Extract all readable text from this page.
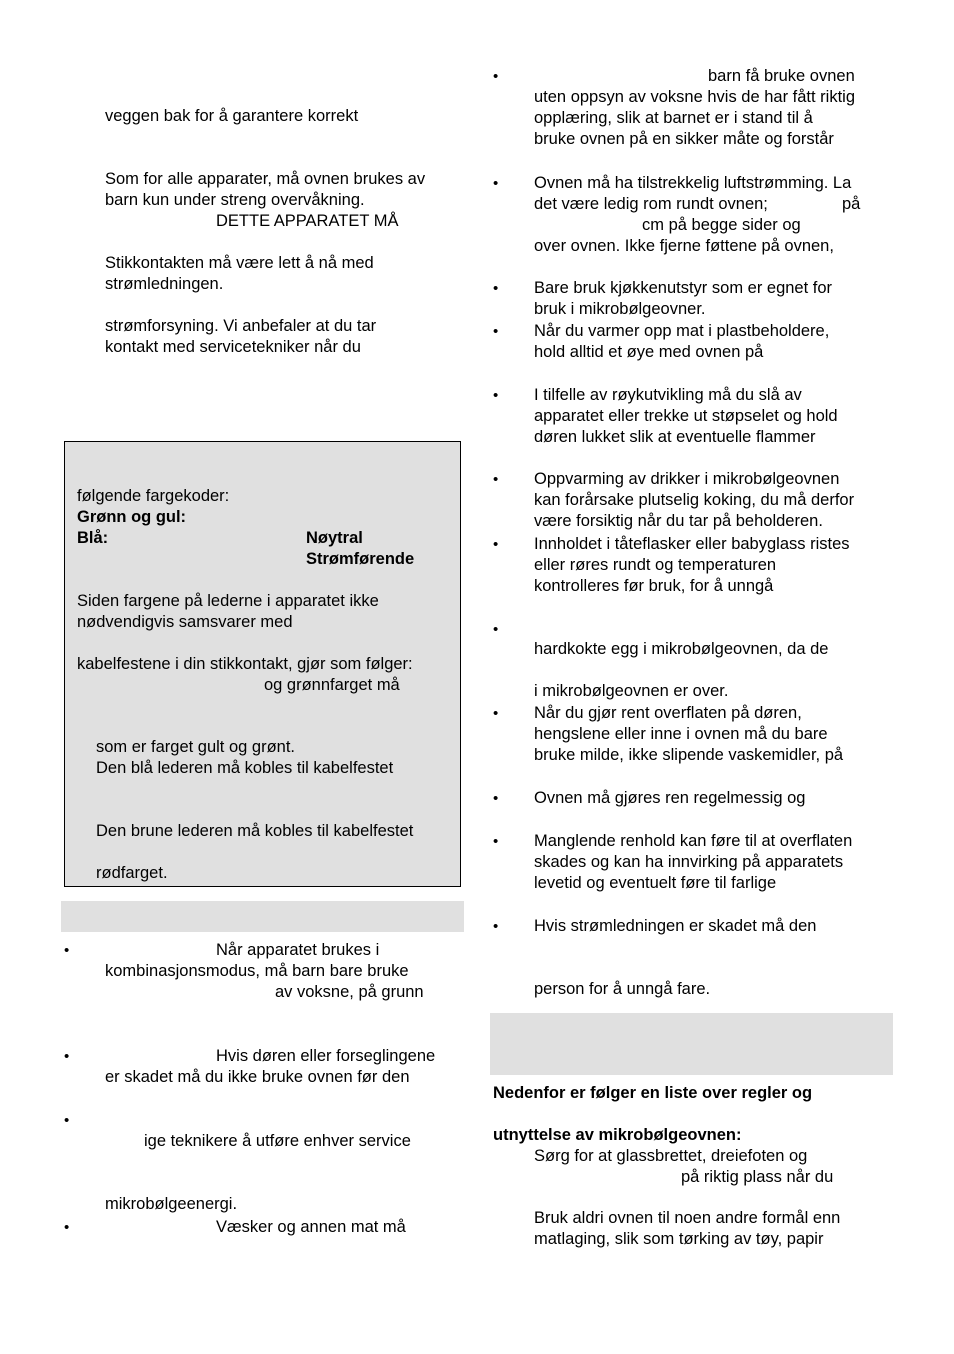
veggen bak for å garantere korrekt
Som for alle apparater, må ovnen brukes av
barn kun under streng overvåkning.
DETTE APPARATET MÅ
Stikkontakten må være lett å nå med
strømledningen.
strømforsyning. Vi anbefaler at du tar
kontakt med servicetekniker når du
følgende fargekoder:
Grønn og gul:
Blå:	Nøytral
Strømførende
Siden fargene på lederne i apparatet ikke
nødvendigvis samsvarer med
kabelfestene i din stikkontakt, gjør som følger:
og grønnfarget må
som er farget gult og grønt.
Den blå lederen må kobles til kabelfestet
Den brune lederen må kobles til kabelfestet
rødfarget.
•	Når apparatet brukes i
kombinasjonsmodus, må barn bare bruke
av voksne, på grunn
•	Hvis døren eller forseglingene
er skadet må du ikke bruke ovnen før den
•
ige teknikere å utføre enhver service
mikrobølgeenergi.
•	Væsker og annen mat må
•	barn få bruke ovnen
uten oppsyn av voksne hvis de har fått riktig
opplæring, slik at barnet er i stand til å
bruke ovnen på en sikker måte og forstår
• Ovnen må ha tilstrekkelig luftstrømming. La
det være ledig rom rundt ovnen;	på
cm på begge sider og
over ovnen. Ikke fjerne føttene på ovnen,
• Bare bruk kjøkkenutstyr som er egnet for
bruk i mikrobølgeovner.
• Når du varmer opp mat i plastbeholdere,
hold alltid et øye med ovnen på
• I tilfelle av røykutvikling må du slå av
apparatet eller trekke ut støpselet og hold
døren lukket slik at eventuelle flammer
• Oppvarming av drikker i mikrobølgeovnen
kan forårsake plutselig koking, du må derfor
være forsiktig når du tar på beholderen.
• Innholdet i tåteflasker eller babyglass ristes
eller røres rundt og temperaturen
kontrolleres før bruk, for å unngå
•
hardkokte egg i mikrobølgeovnen, da de
i mikrobølgeovnen er over.
• Når du gjør rent overflaten på døren,
hengslene eller inne i ovnen må du bare
bruke milde, ikke slipende vaskemidler, på
• Ovnen må gjøres ren regelmessig og
• Manglende renhold kan føre til at overflaten
skades og kan ha innvirking på apparatets
levetid og eventuelt føre til farlige
• Hvis strømledningen er skadet må den
person for å unngå fare.
Nedenfor er følger en liste over regler og
utnyttelse av mikrobølgeovnen:
Sørg for at glassbrettet, dreiefoten og
på riktig plass når du
Bruk aldri ovnen til noen andre formål enn
matlaging, slik som tørking av tøy, papir
